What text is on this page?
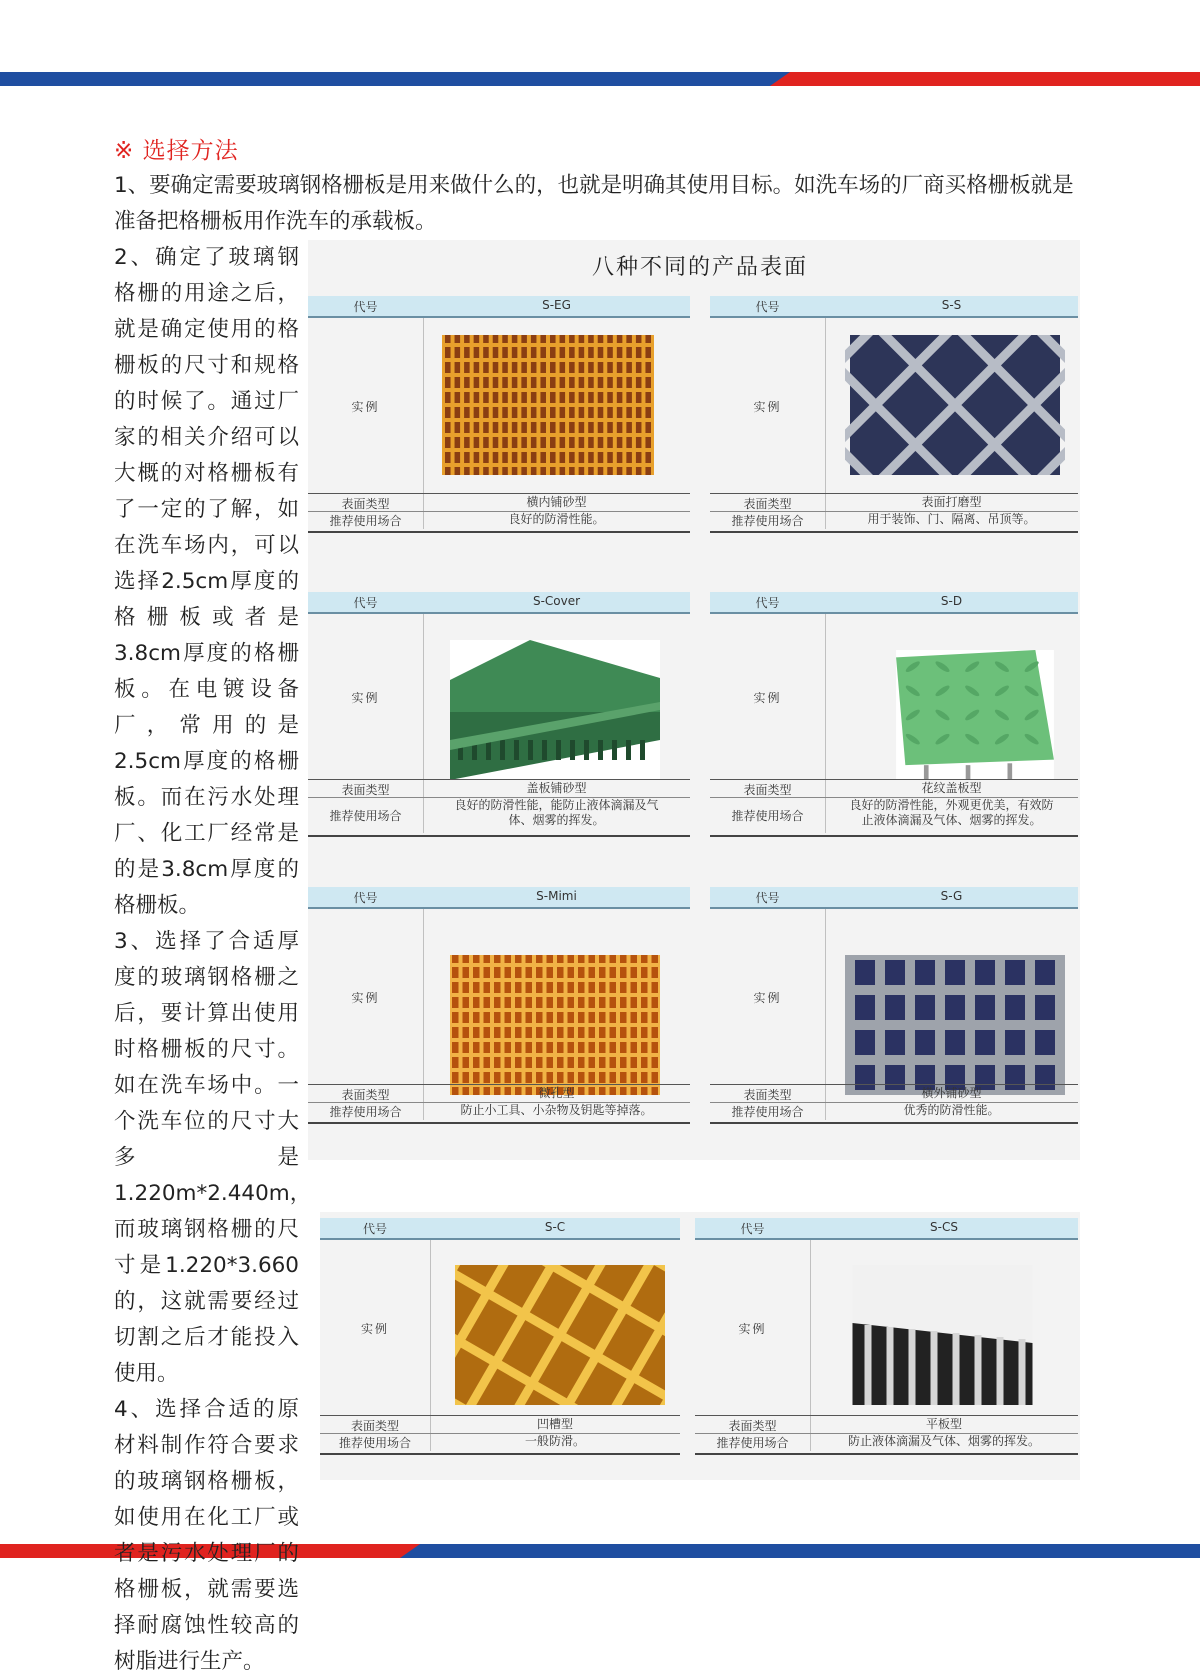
※ 选择方法
1、要确定需要玻璃钢格栅板是用来做什么的，也就是明确其使用目标。如洗车场的厂商买格栅板就是准备把格栅板用作洗车的承载板。

2、确定了玻璃钢格栅的用途之后，就是确定使用的格栅板的尺寸和规格的时候了。通过厂家的相关介绍可以大概的对格栅板有了一定的了解，如在洗车场内，可以选择2.5cm厚度的格栅板或者是3.8cm厚度的格栅板。在电镀设备厂，常用的是2.5cm厚度的格栅板。而在污水处理厂、化工厂经常是的是3.8cm厚度的格栅板。

3、选择了合适厚度的玻璃钢格栅之后，要计算出使用时格栅板的尺寸。如在洗车场中。一个洗车位的尺寸大多是1.220m*2.440m，而玻璃钢格栅的尺寸是1.220*3.660的，这就需要经过切割之后才能投入使用。

4、选择合适的原材料制作符合要求的玻璃钢格栅板，如使用在化工厂或者是污水处理厂的格栅板，就需要选择耐腐蚀性较高的树脂进行生产。

八种不同的产品表面
代号	S-EG
实例
表面类型	横内铺砂型
推荐使用场合	良好的防滑性能。
代号	S-S
实例
表面类型	表面打磨型
推荐使用场合	用于装饰、门、隔离、吊顶等。
代号	S-Cover
实例
表面类型	盖板铺砂型
推荐使用场合
良好的防滑性能，能防止液体滴漏及气体、烟雾的挥发。
代号	S-D
实例
表面类型	花纹盖板型
推荐使用场合
良好的防滑性能，外观更优美，有效防止液体滴漏及气体、烟雾的挥发。
代号	S-Mimi
实例
表面类型	微孔型
推荐使用场合	防止小工具、小杂物及钥匙等掉落。
代号	S-G
实例
表面类型	横外铺砂型
推荐使用场合	优秀的防滑性能。
代号	S-C
实例
表面类型	凹槽型
推荐使用场合	一般防滑。
代号	S-CS
实例
表面类型	平板型
推荐使用场合	防止液体滴漏及气体、烟雾的挥发。
